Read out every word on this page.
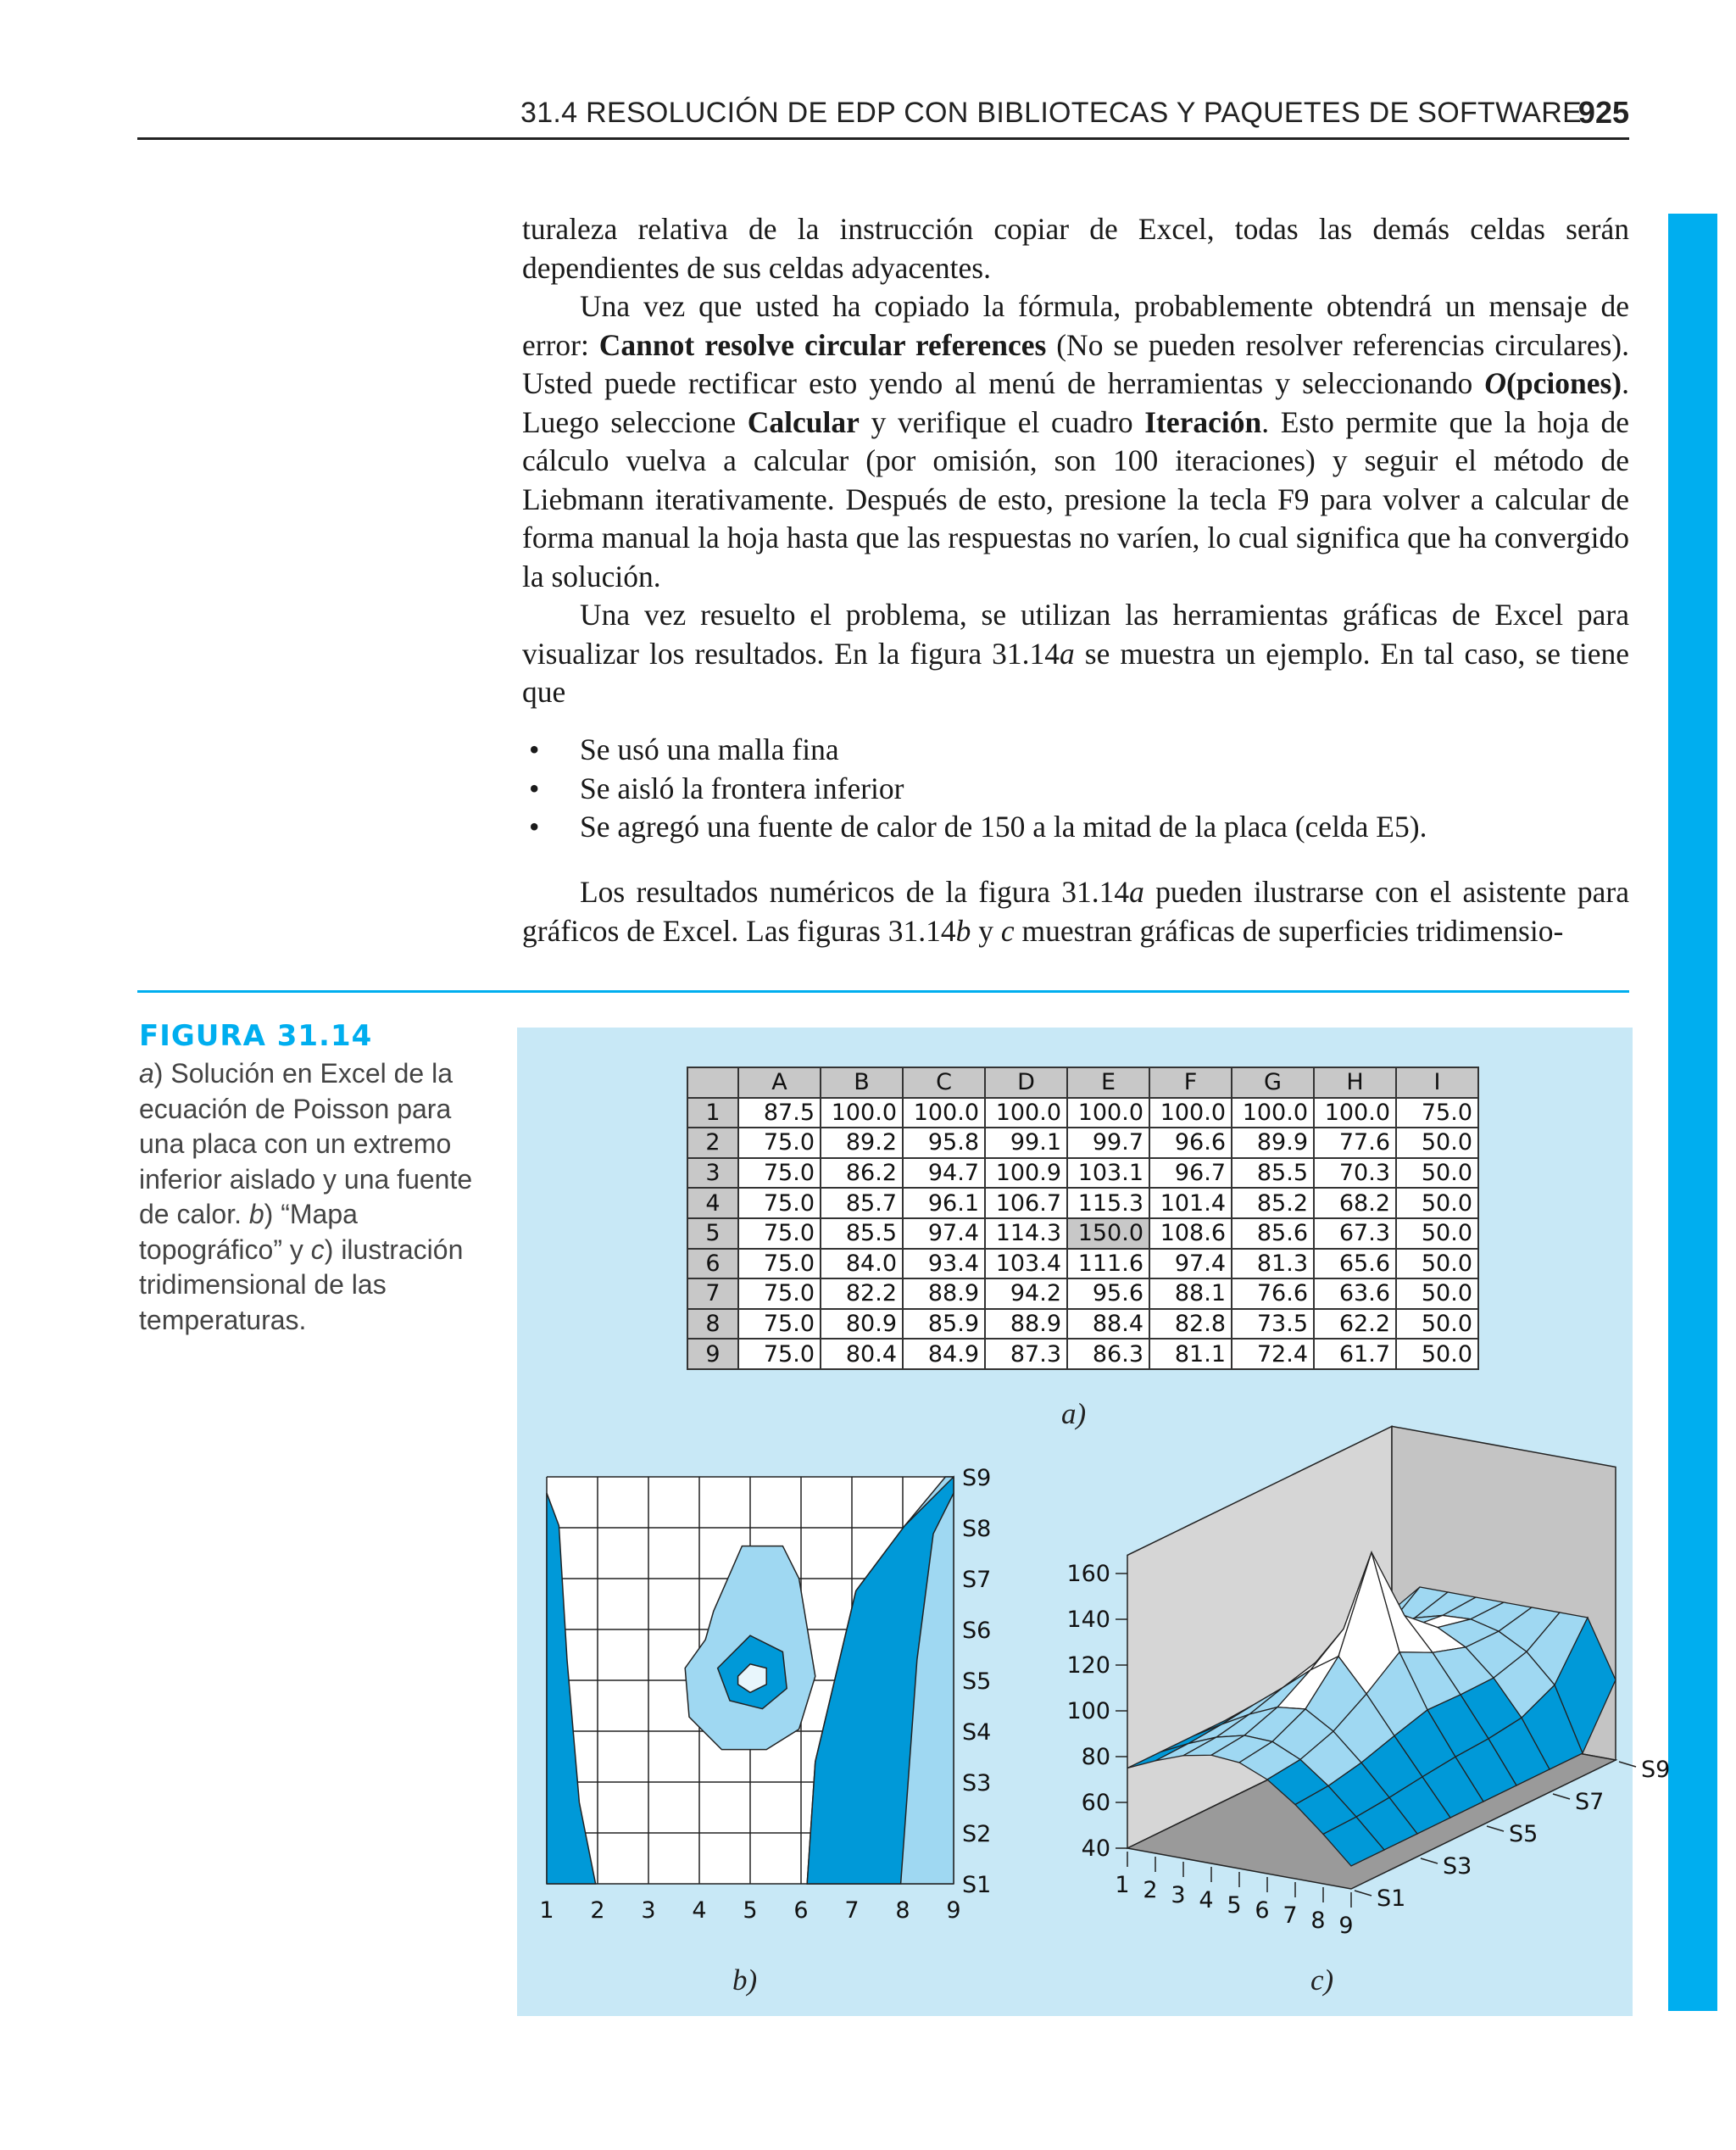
31.4 RESOLUCIÓN DE EDP CON BIBLIOTECAS Y PAQUETES DE SOFTWARE
925

turaleza relativa de la instrucción copiar de Excel, todas las demás celdas serán dependientes de sus celdas adyacentes.

Una vez que usted ha copiado la fórmula, probablemente obtendrá un mensaje de error: Cannot resolve circular references (No se pueden resolver referencias circulares). Usted puede rectificar esto yendo al menú de herramientas y seleccionando O(pciones). Luego seleccione Calcular y verifique el cuadro Iteración. Esto permite que la hoja de cálculo vuelva a calcular (por omisión, son 100 iteraciones) y seguir el método de Liebmann iterativamente. Después de esto, presione la tecla F9 para volver a calcular de forma manual la hoja hasta que las respuestas no varíen, lo cual significa que ha convergido la solución.

Una vez resuelto el problema, se utilizan las herramientas gráficas de Excel para visualizar los resultados. En la figura 31.14a se muestra un ejemplo. En tal caso, se tiene que

• Se usó una malla fina
• Se aisló la frontera inferior
• Se agregó una fuente de calor de 150 a la mitad de la placa (celda E5).

Los resultados numéricos de la figura 31.14a pueden ilustrarse con el asistente para gráficos de Excel. Las figuras 31.14b y c muestran gráficas de superficies tridimensio-

FIGURA 31.14
a) Solución en Excel de la ecuación de Poisson para una placa con un extremo inferior aislado y una fuente de calor. b) “Mapa topográfico” y c) ilustración tridimensional de las temperaturas.
	A	B	C	D	E	F	G	H	I
1	87.5	100.0	100.0	100.0	100.0	100.0	100.0	100.0	75.0
2	75.0	89.2	95.8	99.1	99.7	96.6	89.9	77.6	50.0
3	75.0	86.2	94.7	100.9	103.1	96.7	85.5	70.3	50.0
4	75.0	85.7	96.1	106.7	115.3	101.4	85.2	68.2	50.0
5	75.0	85.5	97.4	114.3	150.0	108.6	85.6	67.3	50.0
6	75.0	84.0	93.4	103.4	111.6	97.4	81.3	65.6	50.0
7	75.0	82.2	88.9	94.2	95.6	88.1	76.6	63.6	50.0
8	75.0	80.9	85.9	88.9	88.4	82.8	73.5	62.2	50.0
9	75.0	80.4	84.9	87.3	86.3	81.1	72.4	61.7	50.0
a)
S1
S2
S3
S4
S5
S6
S7
S8
S9
1 2 3 4 5 6 7 8 9
b)
160
140
120
100
80
60
40
1 2 3 4 5 6 7 8 9
S9
S7
S5
S3
S1
c)
